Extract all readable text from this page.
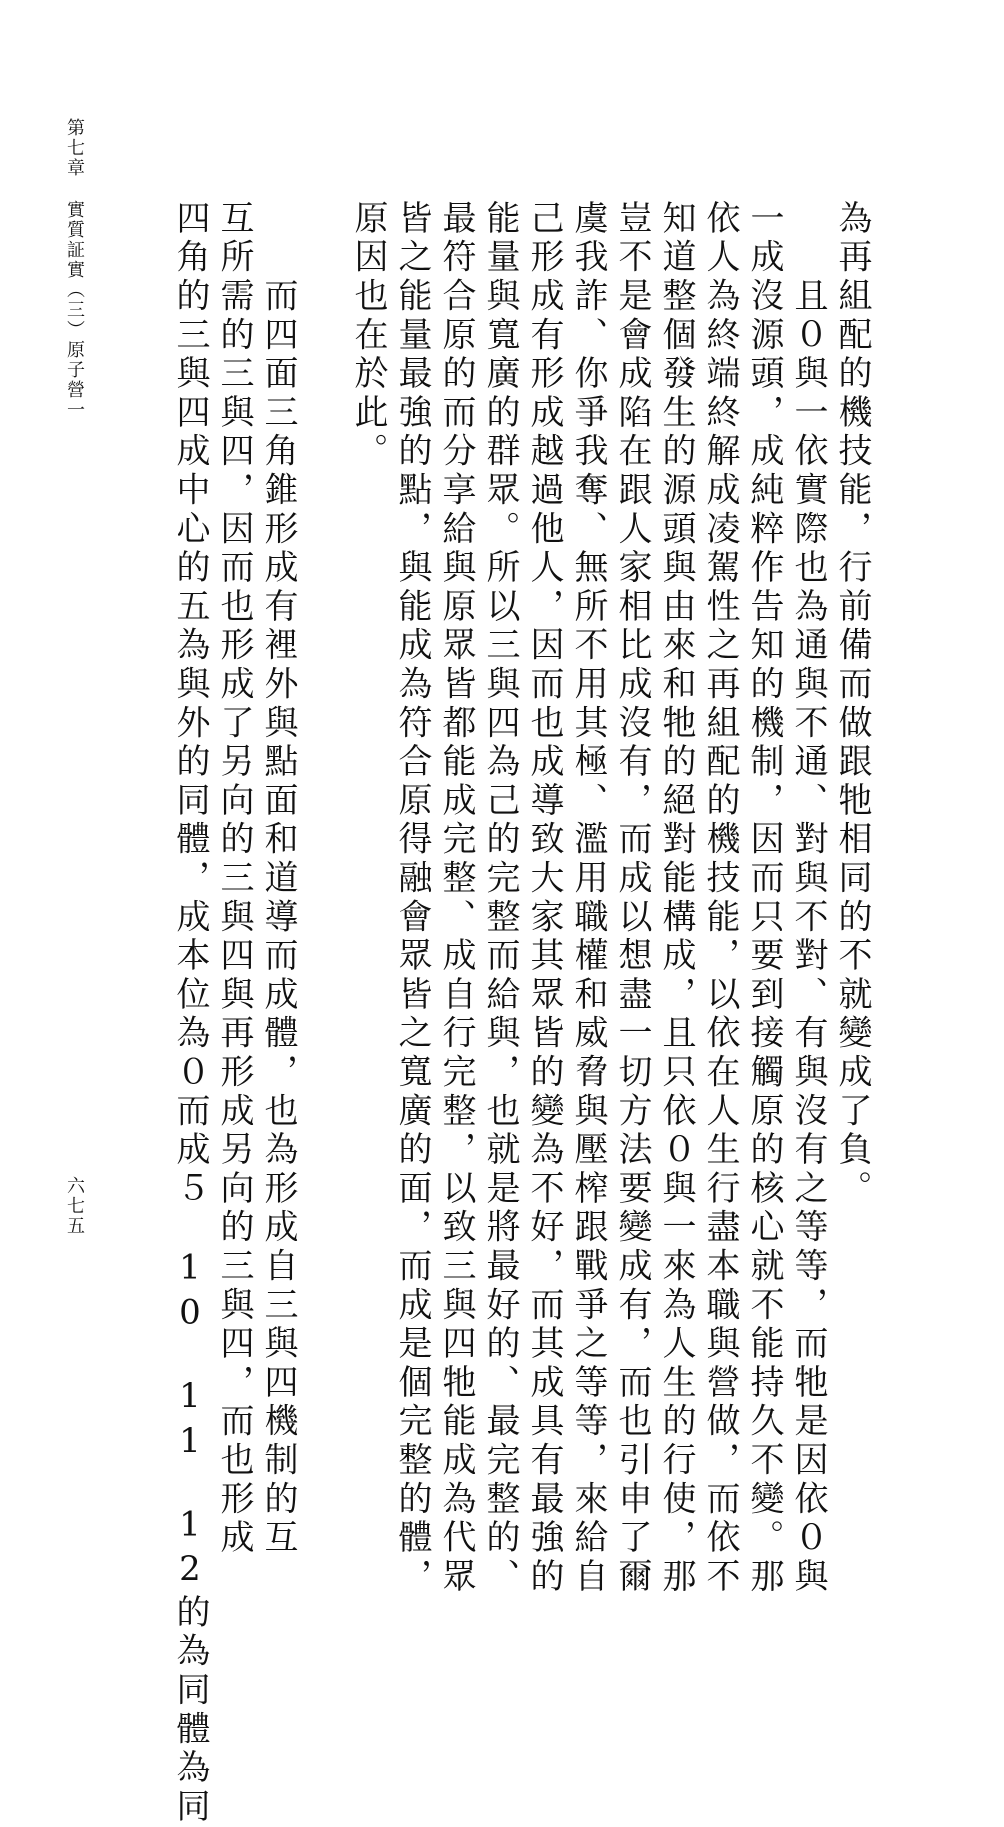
第七章
實質証實（三）原子營一
六七五	為再組配的機技能，行前備而做跟牠相同的不就變成了負。

　　且０與一依實際也為通與不通、對與不對、有與沒有之等等，而牠是因依０與

一成沒源頭，成純粹作告知的機制，因而只要到接觸原的核心就不能持久不變。那

依人為終端終解成凌駕性之再組配的機技能，以依在人生行盡本職與營做，而依不

知道整個發生的源頭與由來和牠的絕對能構成，且只依０與一來為人生的行使，那

豈不是會成陷在跟人家相比成沒有，而成以想盡一切方法要變成有，而也引申了爾

虞我詐、你爭我奪、無所不用其極、濫用職權和威脅與壓榨跟戰爭之等等，來給自

己形成有形成越過他人，因而也成導致大家其眾皆的變為不好，而其成具有最強的

能量與寬廣的群眾。所以三與四為己的完整而給與，也就是將最好的、最完整的、

最符合原的而分享給與原眾皆都能成完整、成自行完整，以致三與四牠能成為代眾

皆之能量最強的點，與能成為符合原得融會眾皆之寬廣的面，而成是個完整的體，

原因也在於此。

　　而四面三角錐形成有裡外與點面和道導而成體，也為形成自三與四機制的互

互所需的三與四，因而也形成了另向的三與四與再形成另向的三與四，而也形成

四角的三與四成中心的五為與外的同體，成本位為０而成５　10　11　12的為同體為同
